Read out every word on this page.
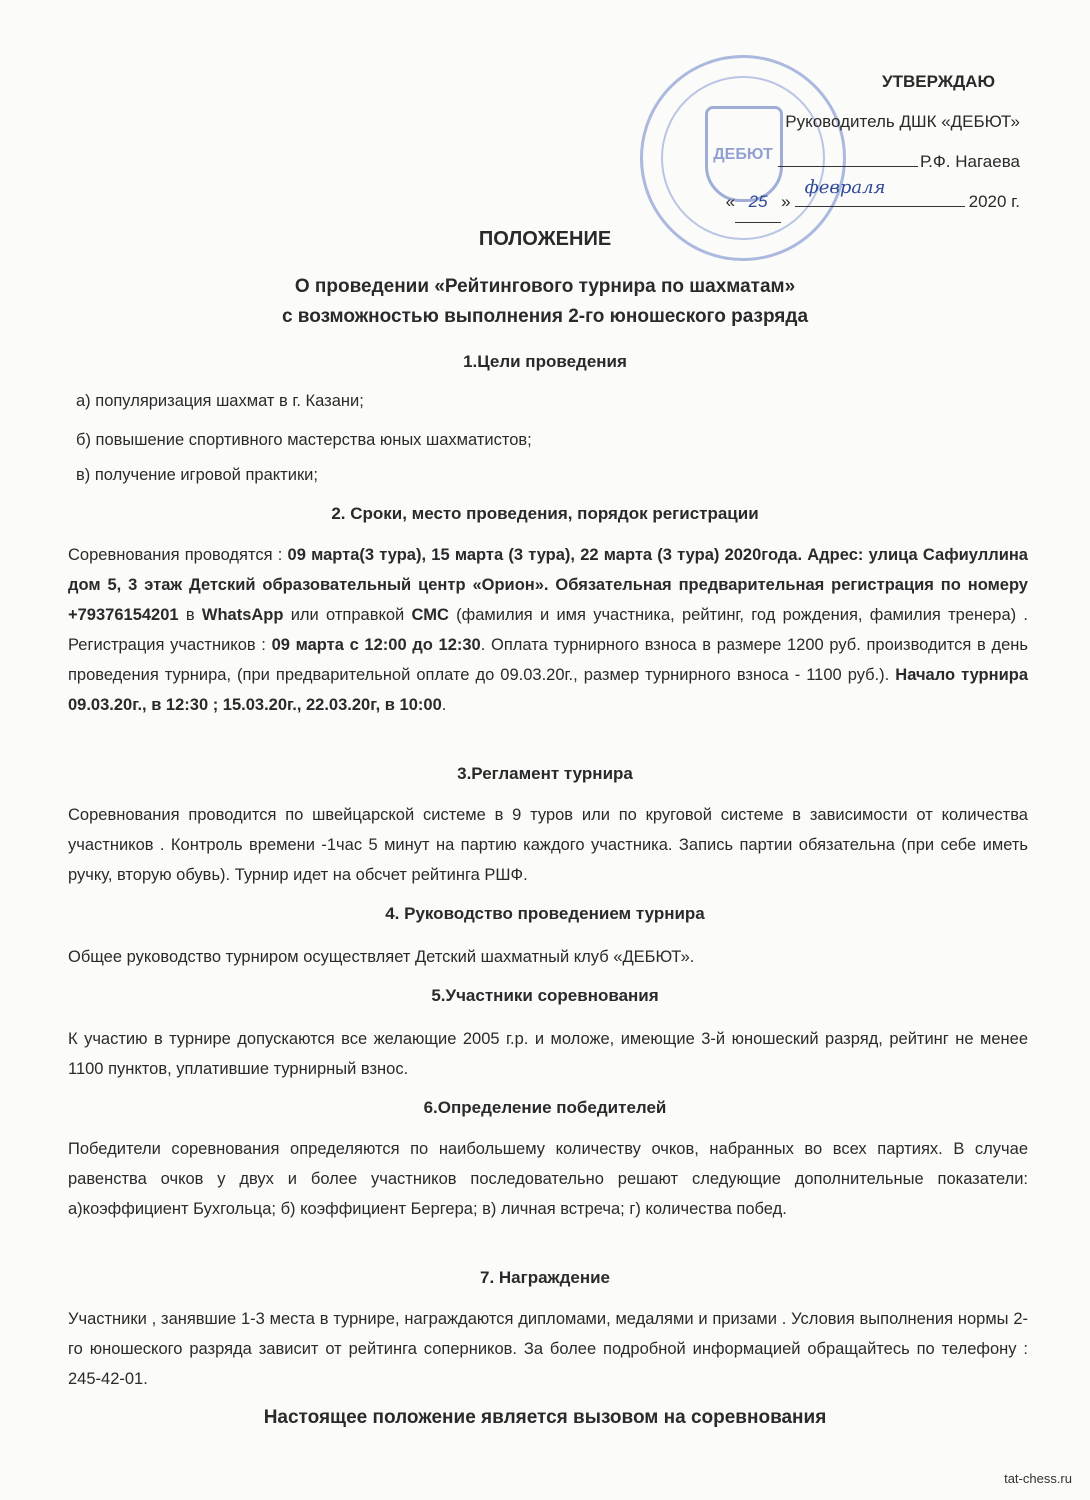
ДЕБЮТ
УТВЕРЖДАЮ
Руководитель ДШК «ДЕБЮТ»
Р.Ф. Нагаева
« 25 »
февраля
2020 г.
ПОЛОЖЕНИЕ
О проведении «Рейтингового турнира по шахматам»
с возможностью выполнения 2-го юношеского разряда
1.Цели проведения
а) популяризация шахмат в г. Казани;
б) повышение спортивного мастерства юных шахматистов;
в) получение игровой практики;
2. Сроки, место проведения, порядок регистрации
Соревнования проводятся : 09 марта(3 тура), 15 марта (3 тура), 22 марта (3 тура) 2020года. Адрес: улица Сафиуллина дом 5, 3 этаж Детский образовательный центр «Орион». Обязательная предварительная регистрация по номеру +79376154201 в WhatsApp или отправкой СМС (фамилия и имя участника, рейтинг, год рождения, фамилия тренера) . Регистрация участников : 09 марта с 12:00 до 12:30. Оплата турнирного взноса в размере 1200 руб. производится в день проведения турнира, (при предварительной оплате до 09.03.20г., размер турнирного взноса - 1100 руб.). Начало турнира 09.03.20г., в 12:30 ; 15.03.20г., 22.03.20г, в 10:00.
3.Регламент турнира
Соревнования проводится по швейцарской системе в 9 туров или по круговой системе в зависимости от количества участников . Контроль времени -1час 5 минут на партию каждого участника. Запись партии обязательна (при себе иметь ручку, вторую обувь). Турнир идет на обсчет рейтинга РШФ.
4. Руководство проведением турнира
Общее руководство турниром осуществляет Детский шахматный клуб «ДЕБЮТ».
5.Участники соревнования
К участию в турнире допускаются все желающие 2005 г.р. и моложе, имеющие 3-й юношеский разряд, рейтинг не менее 1100 пунктов, уплатившие турнирный взнос.
6.Определение победителей
Победители соревнования определяются по наибольшему количеству очков, набранных во всех партиях. В случае равенства очков у двух и более участников последовательно решают следующие дополнительные показатели: а)коэффициент Бухгольца; б) коэффициент Бергера; в) личная встреча; г) количества побед.
7. Награждение
Участники , занявшие 1-3 места в турнире, награждаются дипломами, медалями и призами . Условия выполнения нормы 2-го юношеского разряда зависит от рейтинга соперников. За более подробной информацией обращайтесь по телефону : 245-42-01.
Настоящее положение является вызовом на соревнования
tat-chess.ru
